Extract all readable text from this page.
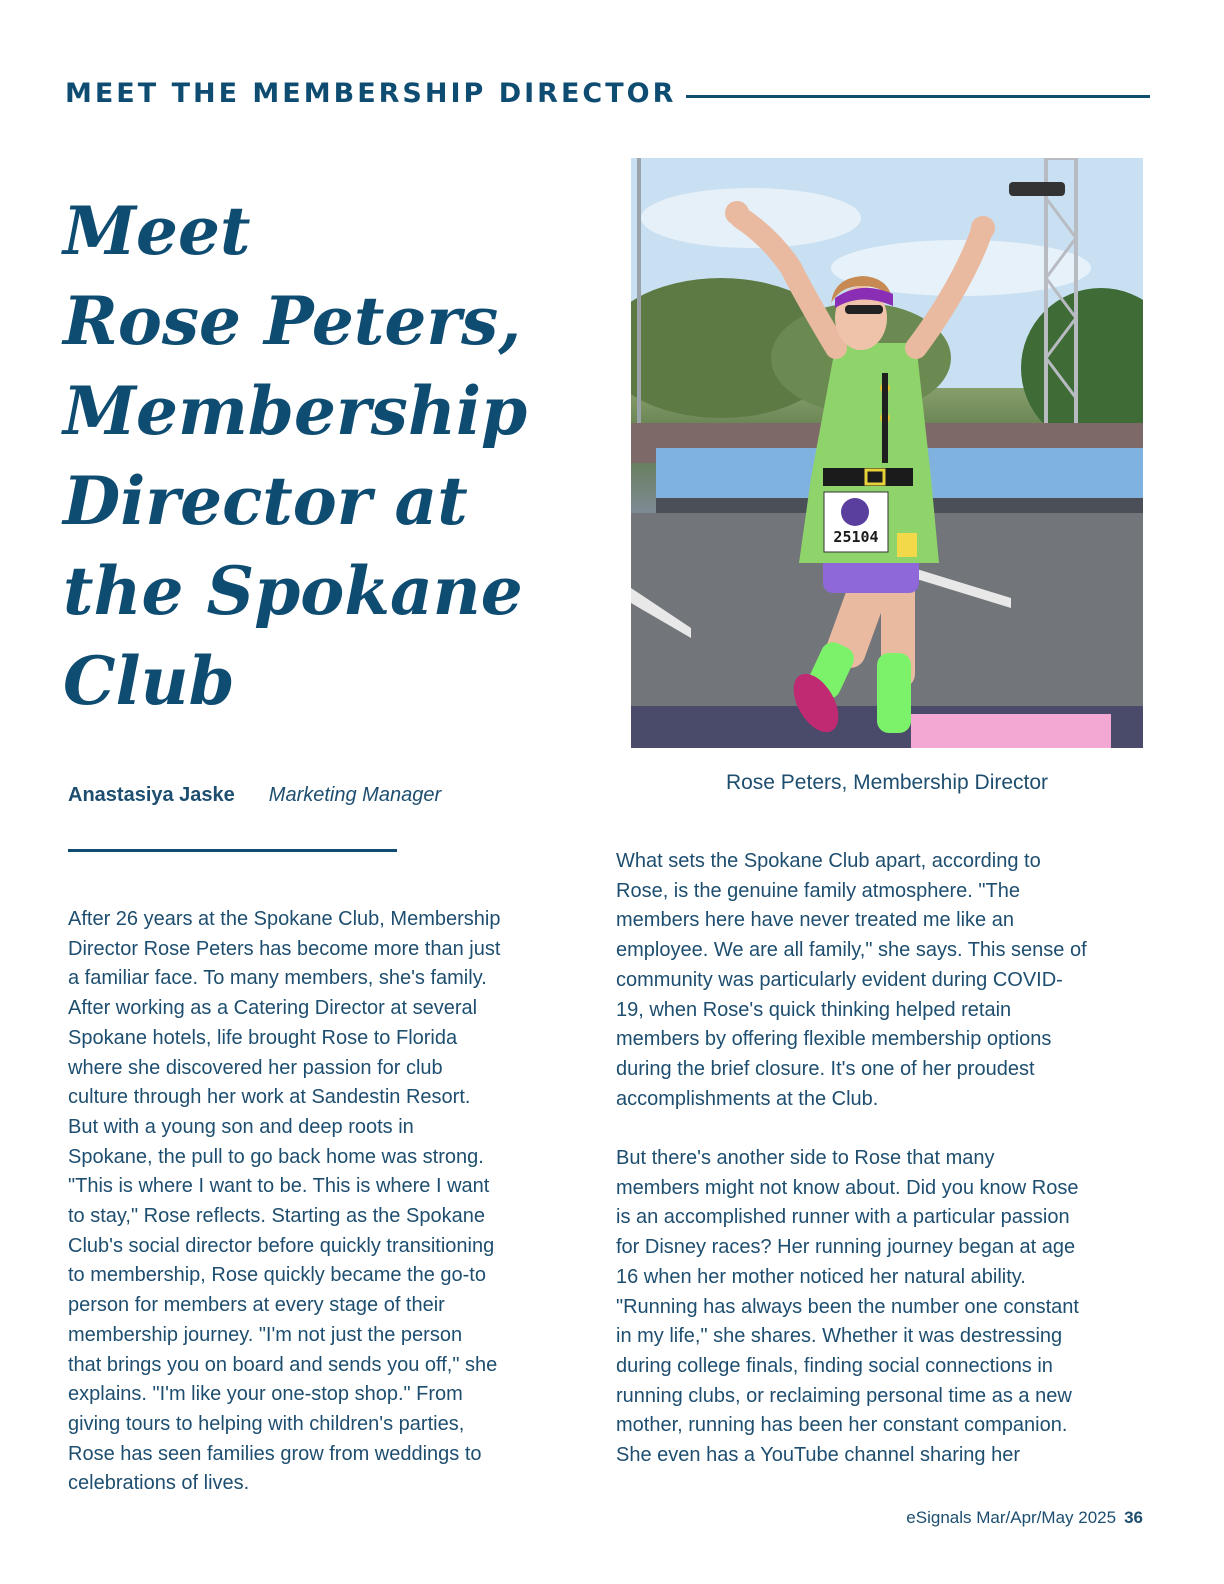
MEET THE MEMBERSHIP DIRECTOR
Meet
Rose Peters,
Membership
Director at
the Spokane
Club
25104
Rose Peters, Membership Director
Anastasiya Jaske Marketing Manager

After 26 years at the Spokane Club, Membership
Director Rose Peters has become more than just
a familiar face. To many members, she's family.
After working as a Catering Director at several
Spokane hotels, life brought Rose to Florida
where she discovered her passion for club
culture through her work at Sandestin Resort.
But with a young son and deep roots in
Spokane, the pull to go back home was strong.
"This is where I want to be. This is where I want
to stay," Rose reflects. Starting as the Spokane
Club's social director before quickly transitioning
to membership, Rose quickly became the go-to
person for members at every stage of their
membership journey. "I'm not just the person
that brings you on board and sends you off," she
explains. "I'm like your one-stop shop." From
giving tours to helping with children's parties,
Rose has seen families grow from weddings to
celebrations of lives.

What sets the Spokane Club apart, according to
Rose, is the genuine family atmosphere. "The
members here have never treated me like an
employee. We are all family," she says. This sense of
community was particularly evident during COVID-
19, when Rose's quick thinking helped retain
members by offering flexible membership options
during the brief closure. It's one of her proudest
accomplishments at the Club.

But there's another side to Rose that many
members might not know about. Did you know Rose
is an accomplished runner with a particular passion
for Disney races? Her running journey began at age
16 when her mother noticed her natural ability.
"Running has always been the number one constant
in my life," she shares. Whether it was destressing
during college finals, finding social connections in
running clubs, or reclaiming personal time as a new
mother, running has been her constant companion.
She even has a YouTube channel sharing her

eSignals Mar/Apr/May 2025 36
